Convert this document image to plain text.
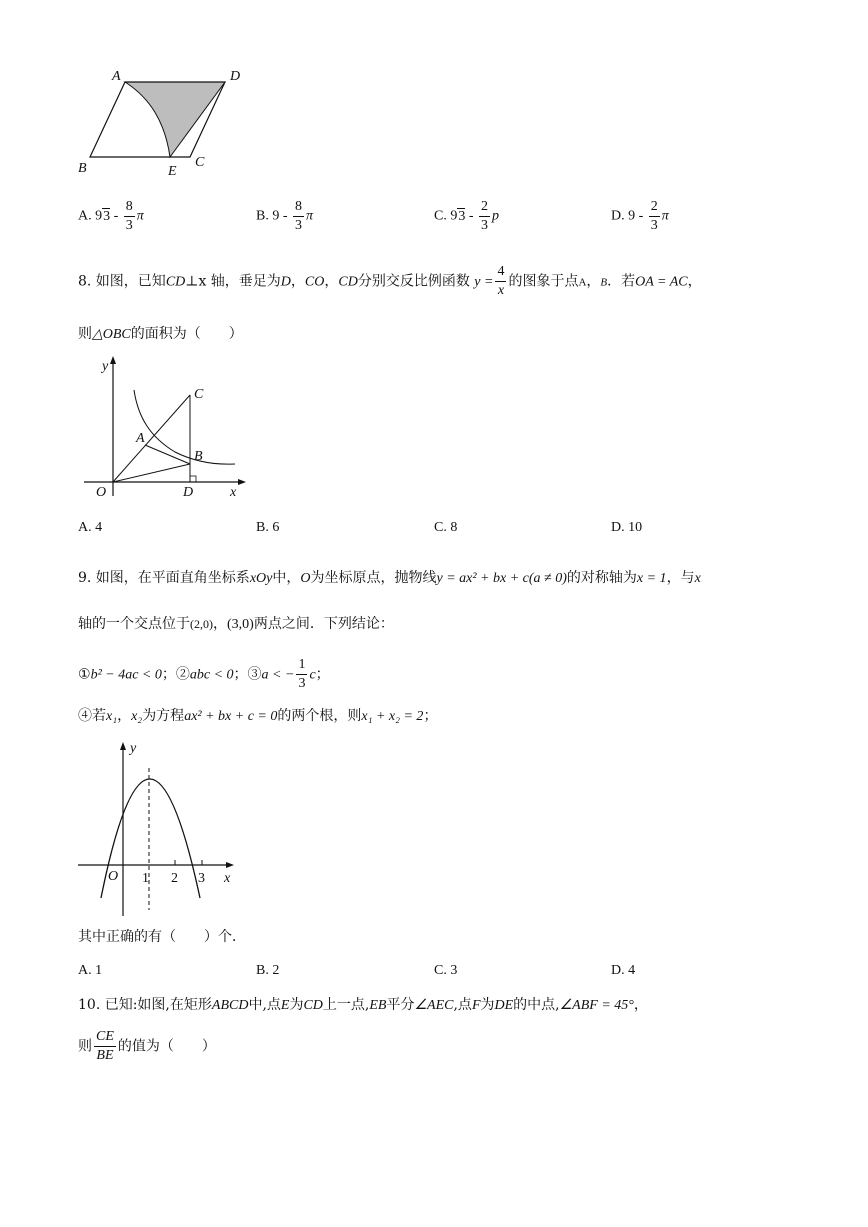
A	D
B	E
C
A. $93 - \frac{8}{3}$ π	B. $9 - \frac{8}{3}$ π	C. $93 - \frac{2}{3}$ p	D. $9 - \frac{2}{3}$ π
8. 如图，已知CD⊥x 轴，垂足为D，CO，CD分别交反比例函数 $y = \frac{4}{x}$ 的图象于点A，B．若OA = AC，
则△OBC的面积为（　　）
y
C
A
B
O	D	x
A. 4	B. 6	C. 8	D. 10
9. 如图，在平面直角坐标系xOy中，O为坐标原点，抛物线y = ax² + bx + c(a ≠ 0)的对称轴为x = 1，与x
轴的一个交点位于(2,0)，(3,0)两点之间．下列结论：
①b² − 4ac < 0；②abc < 0；③a < − $\frac{1}{3}$ c；
④若x₁，x₂为方程ax² + bx + c = 0的两个根，则x₁ + x₂ = 2；
y
O 1 2 3 x
其中正确的有（　　）个．
A. 1	B. 2	C. 3	D. 4
10. 已知:如图,在矩形ABCD中,点E为CD上一点,EB平分∠AEC,点F为DE的中点,∠ABF = 45°，
则 $\frac{CE}{BE}$ 的值为（　　）
